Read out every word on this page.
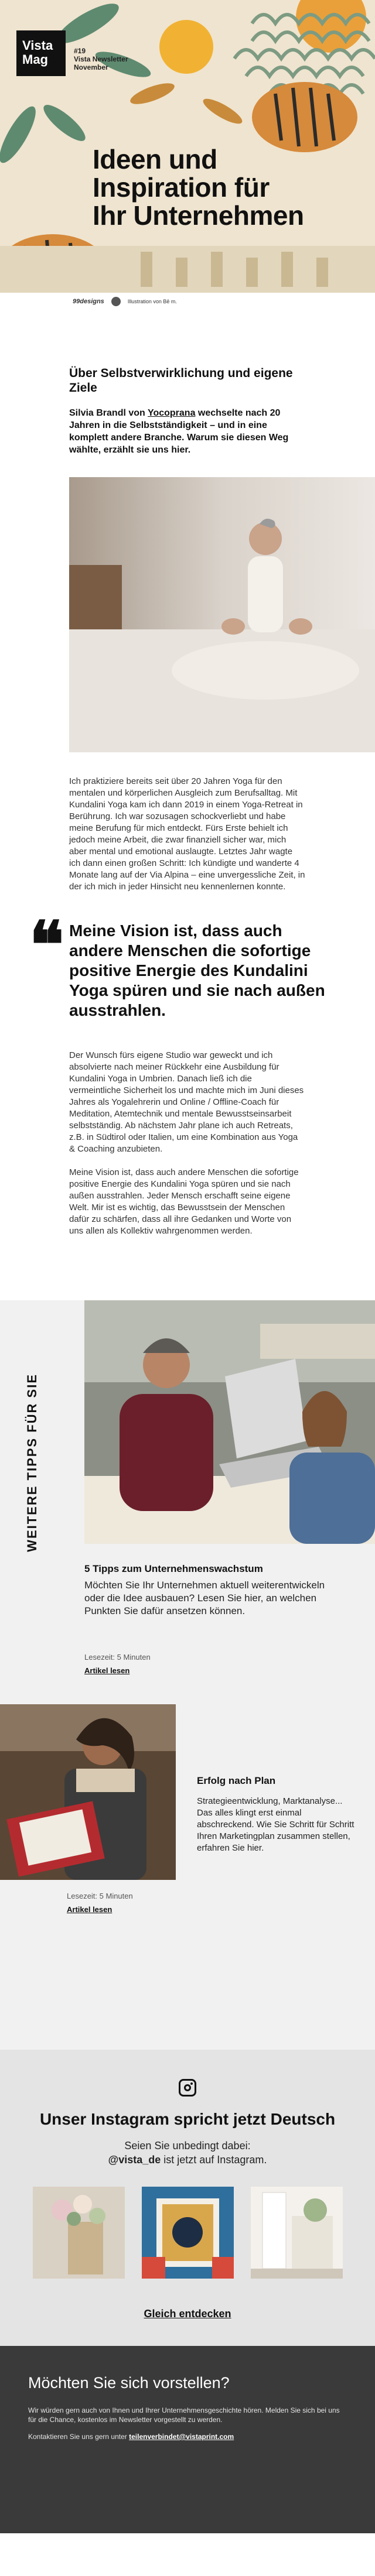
Vista
Mag
#19
Vista Newsletter
November
Ideen und
Inspiration für
Ihr Unternehmen
99designs	Illustration von Bē m.
Über Selbstverwirklichung und eigene Ziele

Silvia Brandl von Yocoprana wechselte nach 20 Jahren in die Selbstständigkeit – und in eine komplett andere Branche. Warum sie diesen Weg wählte, erzählt sie uns hier.

Ich praktiziere bereits seit über 20 Jahren Yoga für den mentalen und körperlichen Ausgleich zum Berufsalltag. Mit Kundalini Yoga kam ich dann 2019 in einem Yoga-Retreat in Berührung. Ich war sozusagen schockverliebt und habe meine Berufung für mich entdeckt. Fürs Erste behielt ich jedoch meine Arbeit, die zwar finanziell sicher war, mich aber mental und emotional auslaugte. Letztes Jahr wagte ich dann einen großen Schritt: Ich kündigte und wanderte 4 Monate lang auf der Via Alpina – eine unvergessliche Zeit, in der ich mich in jeder Hinsicht neu kennenlernen konnte.

❝ Meine Vision ist, dass auch andere Menschen die sofortige positive Energie des Kundalini Yoga spüren und sie nach außen ausstrahlen.

Der Wunsch fürs eigene Studio war geweckt und ich absolvierte nach meiner Rückkehr eine Ausbildung für Kundalini Yoga in Umbrien. Danach ließ ich die vermeintliche Sicherheit los und machte mich im Juni dieses Jahres als Yogalehrerin und Online / Offline-Coach für Meditation, Atemtechnik und mentale Bewusstseinsarbeit selbstständig. Ab nächstem Jahr plane ich auch Retreats, z.B. in Südtirol oder Italien, um eine Kombination aus Yoga & Coaching anzubieten.

Meine Vision ist, dass auch andere Menschen die sofortige positive Energie des Kundalini Yoga spüren und sie nach außen ausstrahlen. Jeder Mensch erschafft seine eigene Welt. Mir ist es wichtig, das Bewusstsein der Menschen dafür zu schärfen, dass all ihre Gedanken und Worte von uns allen als Kollektiv wahrgenommen werden.

WEITERE TIPPS FÜR SIE
5 Tipps zum Unternehmenswachstum

Möchten Sie Ihr Unternehmen aktuell weiterentwickeln oder die Idee ausbauen? Lesen Sie hier, an welchen Punkten Sie dafür ansetzen können.

Lesezeit: 5 Minuten

Artikel lesen
Erfolg nach Plan

Strategieentwicklung, Marktanalyse... Das alles klingt erst einmal abschreckend. Wie Sie Schritt für Schritt Ihren Marketingplan zusammen stellen, erfahren Sie hier.

Lesezeit: 5 Minuten

Artikel lesen
Unser Instagram spricht jetzt Deutsch

Seien Sie unbedingt dabei:
@vista_de ist jetzt auf Instagram.

Gleich entdecken
Möchten Sie sich vorstellen?

Wir würden gern auch von Ihnen und Ihrer Unternehmensgeschichte hören. Melden Sie sich bei uns für die Chance, kostenlos im Newsletter vorgestellt zu werden.

Kontaktieren Sie uns gern unter teilenverbindet@vistaprint.com
